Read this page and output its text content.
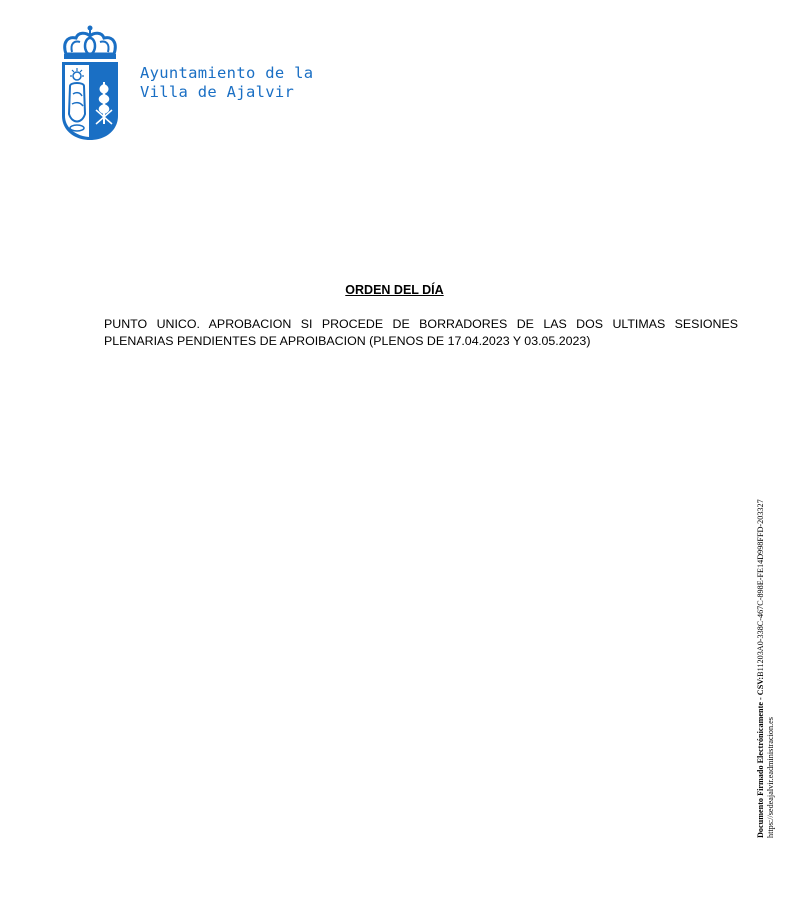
Ayuntamiento de la
Villa de Ajalvir
ORDEN DEL DÍA
PUNTO UNICO. APROBACION SI PROCEDE DE BORRADORES DE LAS DOS ULTIMAS SESIONES PLENARIAS PENDIENTES DE APROIBACION (PLENOS DE 17.04.2023 Y 03.05.2023)
Documento Firmado Electrónicamente - CSV:B11203A0-338C-467C-898E-FE14D998FFD-203327
https://sedeajalvir.eadministracion.es
